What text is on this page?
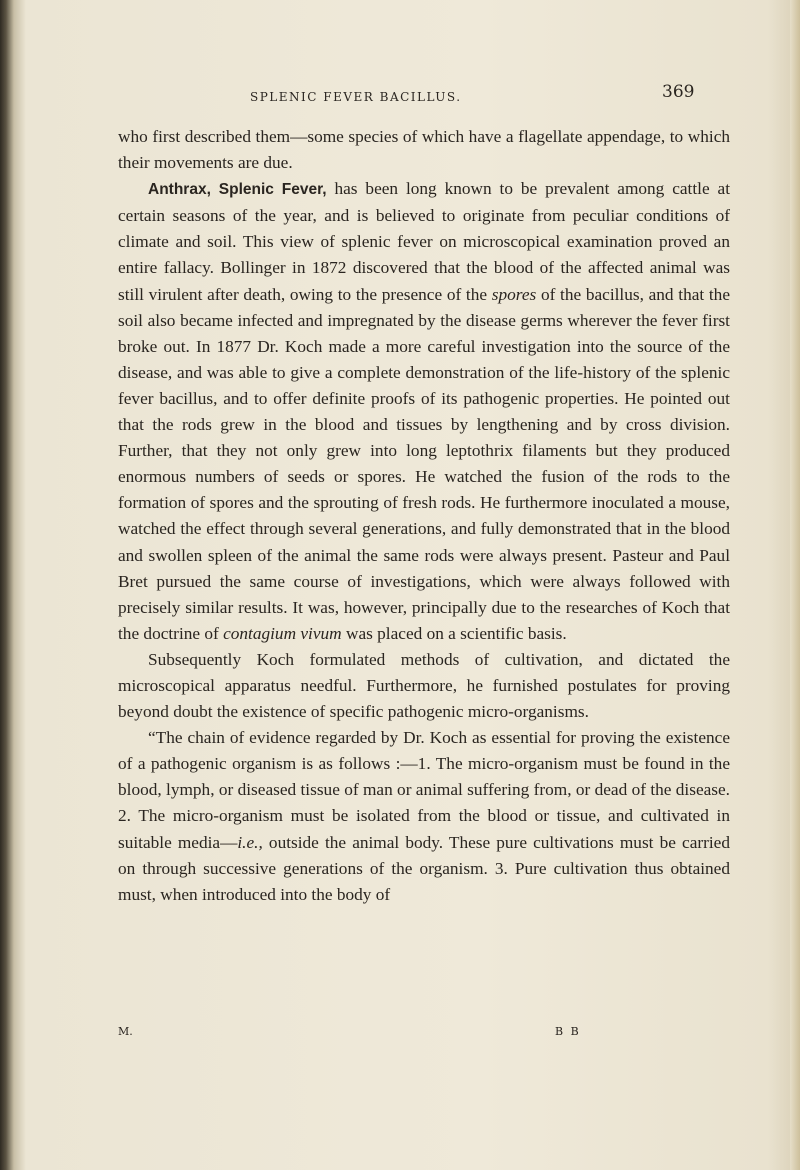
SPLENIC FEVER BACILLUS.	369

who first described them—some species of which have a flagellate appendage, to which their movements are due.

Anthrax, Splenic Fever, has been long known to be prevalent among cattle at certain seasons of the year, and is believed to originate from peculiar conditions of climate and soil. This view of splenic fever on microscopical examination proved an entire fallacy. Bollinger in 1872 discovered that the blood of the affected animal was still virulent after death, owing to the presence of the spores of the bacillus, and that the soil also became infected and impregnated by the disease germs wherever the fever first broke out. In 1877 Dr. Koch made a more careful investigation into the source of the disease, and was able to give a complete demonstration of the life-history of the splenic fever bacillus, and to offer definite proofs of its pathogenic properties. He pointed out that the rods grew in the blood and tissues by lengthening and by cross division. Further, that they not only grew into long leptothrix filaments but they produced enormous numbers of seeds or spores. He watched the fusion of the rods to the formation of spores and the sprouting of fresh rods. He furthermore inoculated a mouse, watched the effect through several generations, and fully demonstrated that in the blood and swollen spleen of the animal the same rods were always present. Pasteur and Paul Bret pursued the same course of investigations, which were always followed with precisely similar results. It was, however, principally due to the researches of Koch that the doctrine of contagium vivum was placed on a scientific basis.

Subsequently Koch formulated methods of cultivation, and dictated the microscopical apparatus needful. Furthermore, he furnished postulates for proving beyond doubt the existence of specific pathogenic micro-organisms.

“The chain of evidence regarded by Dr. Koch as essential for proving the existence of a pathogenic organism is as follows :—1. The micro-organism must be found in the blood, lymph, or diseased tissue of man or animal suffering from, or dead of the disease. 2. The micro-organism must be isolated from the blood or tissue, and cultivated in suitable media—i.e., outside the animal body. These pure cultivations must be carried on through successive generations of the organism. 3. Pure cultivation thus obtained must, when introduced into the body of

M.	B B
